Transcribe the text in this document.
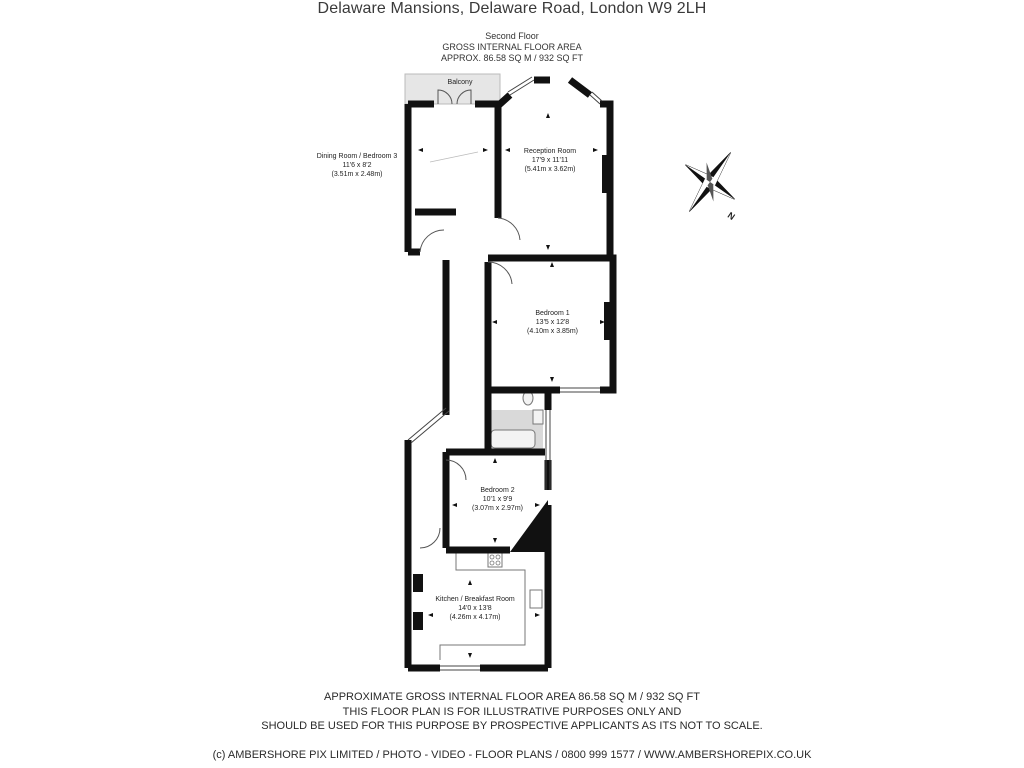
Delaware Mansions, Delaware Road, London W9 2LH
Second Floor
GROSS INTERNAL FLOOR AREA
APPROX. 86.58 SQ M / 932 SQ FT
Balcony
Dining Room / Bedroom 3
11'6 x 8'2
(3.51m x 2.48m)
Reception Room
17'9 x 11'11
(5.41m x 3.62m)
Bedroom 1
13'5 x 12'8
(4.10m x 3.85m)
Bedroom 2
10'1 x 9'9
(3.07m x 2.97m)
Kitchen / Breakfast Room
14'0 x 13'8
(4.26m x 4.17m)
N
APPROXIMATE GROSS INTERNAL FLOOR AREA 86.58 SQ M / 932 SQ FT
THIS FLOOR PLAN IS FOR ILLUSTRATIVE PURPOSES ONLY AND
SHOULD BE USED FOR THIS PURPOSE BY PROSPECTIVE APPLICANTS AS ITS NOT TO SCALE.
(c) AMBERSHORE PIX LIMITED / PHOTO - VIDEO - FLOOR PLANS / 0800 999 1577 / WWW.AMBERSHOREPIX.CO.UK
